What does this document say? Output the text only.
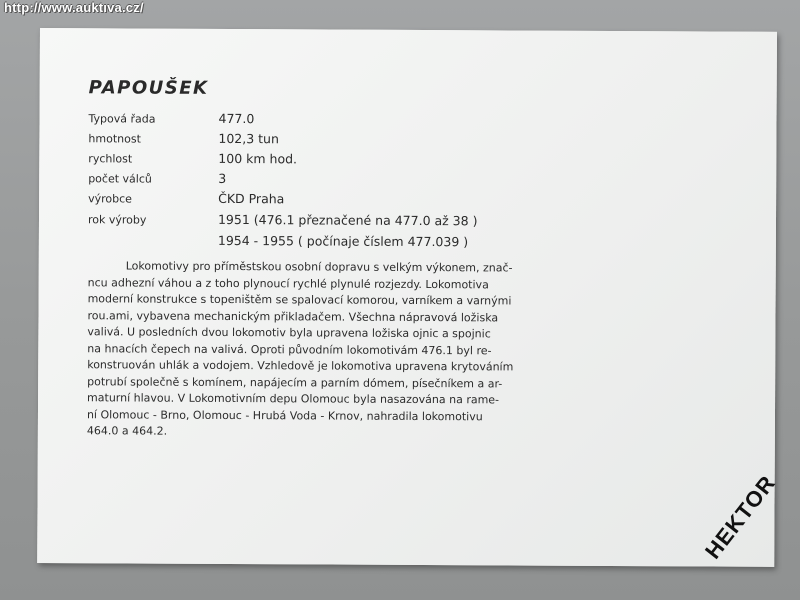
http://www.auktıva.cz/
PAPOUŠEK
Typová řada	477.0
hmotnost	102,3 tun
rychlost	100 km hod.
počet válců	3
výrobce	ČKD Praha
rok výroby	1951 (476.1 přeznačené na 477.0 až 38 )
1954 - 1955 ( počínaje číslem 477.039 )
Lokomotivy pro příměstskou osobní dopravu s velkým výkonem, znač-
ncu adhezní váhou a z toho plynoucí rychlé plynulé rozjezdy. Lokomotiva
moderní konstrukce s topeništěm se spalovací komorou, varníkem a varnými
rou.ami, vybavena mechanickým přikladačem. Všechna nápravová ložiska
valivá. U posledních dvou lokomotiv byla upravena ložiska ojnic a spojnic
na hnacích čepech na valivá. Oproti původním lokomotivám 476.1 byl re-
konstruován uhlák a vodojem. Vzhledově je lokomotiva upravena krytováním
potrubí společně s komínem, napájecím a parním dómem, písečníkem a ar-
maturní hlavou. V Lokomotivním depu Olomouc byla nasazována na rame-
ní Olomouc - Brno, Olomouc - Hrubá Voda - Krnov, nahradila lokomotivu
464.0 a 464.2.
HEKTOR
